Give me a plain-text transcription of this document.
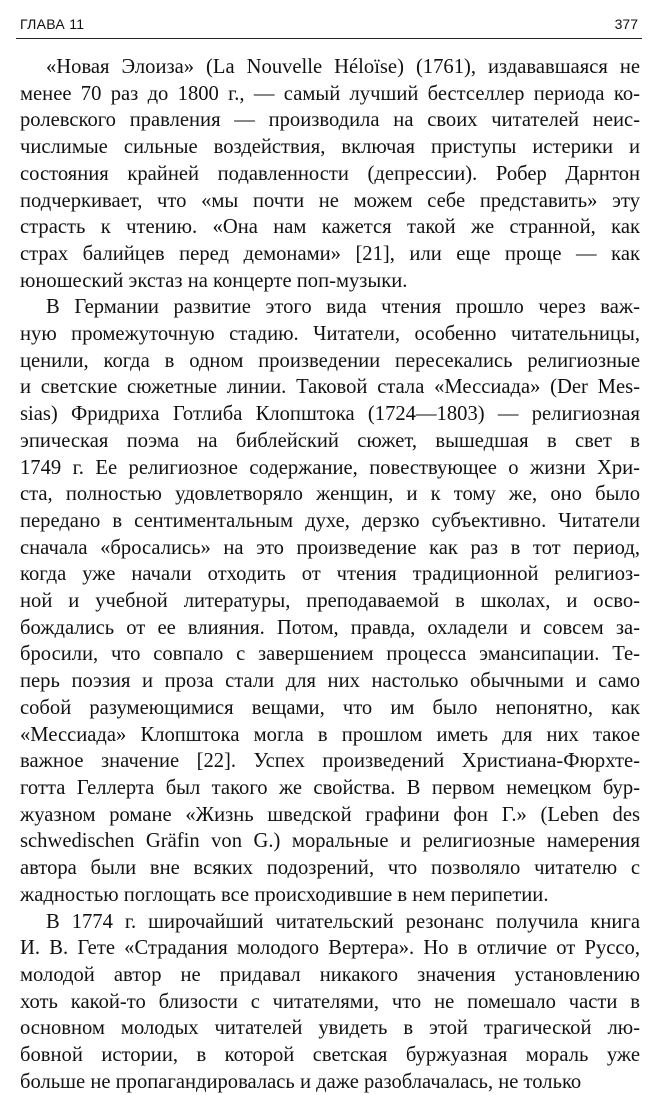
ГЛАВА 11	377
«Новая Элоиза» (La Nouvelle Héloïse) (1761), издававшаяся не
менее 70 раз до 1800 г., — самый лучший бестселлер периода ко-
ролевского правления — производила на своих читателей неис-
числимые сильные воздействия, включая приступы истерики и
состояния крайней подавленности (депрессии). Робер Дарнтон
подчеркивает, что «мы почти не можем себе представить» эту
страсть к чтению. «Она нам кажется такой же странной, как
страх балийцев перед демонами» [21], или еще проще — как
юношеский экстаз на концерте поп-музыки.
В Германии развитие этого вида чтения прошло через важ-
ную промежуточную стадию. Читатели, особенно читательницы,
ценили, когда в одном произведении пересекались религиозные
и светские сюжетные линии. Таковой стала «Мессиада» (Der Mes-
sias) Фридриха Готлиба Клопштока (1724—1803) — религиозная
эпическая поэма на библейский сюжет, вышедшая в свет в
1749 г. Ее религиозное содержание, повествующее о жизни Хри-
ста, полностью удовлетворяло женщин, и к тому же, оно было
передано в сентиментальным духе, дерзко субъективно. Читатели
сначала «бросались» на это произведение как раз в тот период,
когда уже начали отходить от чтения традиционной религиоз-
ной и учебной литературы, преподаваемой в школах, и осво-
бождались от ее влияния. Потом, правда, охладели и совсем за-
бросили, что совпало с завершением процесса эмансипации. Те-
перь поэзия и проза стали для них настолько обычными и само
собой разумеющимися вещами, что им было непонятно, как
«Мессиада» Клопштока могла в прошлом иметь для них такое
важное значение [22]. Успех произведений Христиана-Фюрхте-
готта Геллерта был такого же свойства. В первом немецком бур-
жуазном романе «Жизнь шведской графини фон Г.» (Leben des
schwedischen Gräfin von G.) моральные и религиозные намерения
автора были вне всяких подозрений, что позволяло читателю с
жадностью поглощать все происходившие в нем перипетии.
В 1774 г. широчайший читательский резонанс получила книга
И. В. Гете «Страдания молодого Вертера». Но в отличие от Руссо,
молодой автор не придавал никакого значения установлению
хоть какой-то близости с читателями, что не помешало части в
основном молодых читателей увидеть в этой трагической лю-
бовной истории, в которой светская буржуазная мораль уже
больше не пропагандировалась и даже разоблачалась, не только
